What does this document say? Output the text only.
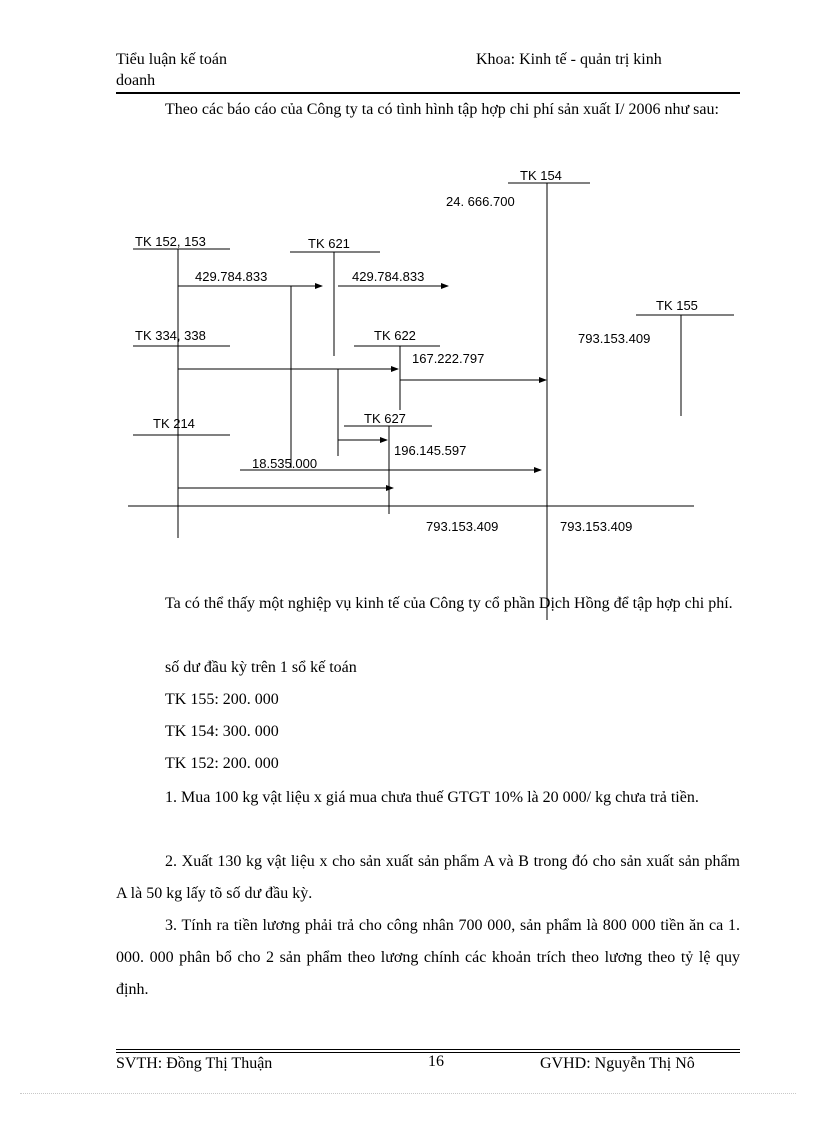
Tiểu luận kế toán
doanh
Khoa: Kinh tế - quản trị kinh
Theo các báo cáo của Công ty ta có tình hình tập hợp chi phí sản xuất I/ 2006 như sau:
TK 154
24. 666.700
TK 152, 153	TK 621
429.784.833	429.784.833
TK 155
793.153.409
TK 334, 338	TK 622
167.222.797
TK 214	TK 627
196.145.597
18.535.000
793.153.409	793.153.409
Ta có thể thấy một nghiệp vụ kinh tế của Công ty cổ phần Dịch Hồng để tập hợp chi phí.
số dư đầu kỳ trên 1 sổ kế toán
TK 155: 200. 000
TK 154: 300. 000
TK 152: 200. 000
1. Mua 100 kg vật liệu x giá mua chưa thuế GTGT 10% là 20 000/ kg chưa trả tiền.
2. Xuất 130 kg vật liệu x cho sản xuất sản phẩm A và B trong đó cho sản xuất sản phẩm A là 50 kg lấy tõ số dư đầu kỳ.
3. Tính ra tiền lương phải trả cho công nhân 700 000, sản phẩm là 800 000 tiền ăn ca 1. 000. 000 phân bổ cho 2 sản phẩm theo lương chính các khoản trích theo lương theo tỷ lệ quy định.
SVTH: Đồng Thị Thuận	16	GVHD: Nguyễn Thị Nô
